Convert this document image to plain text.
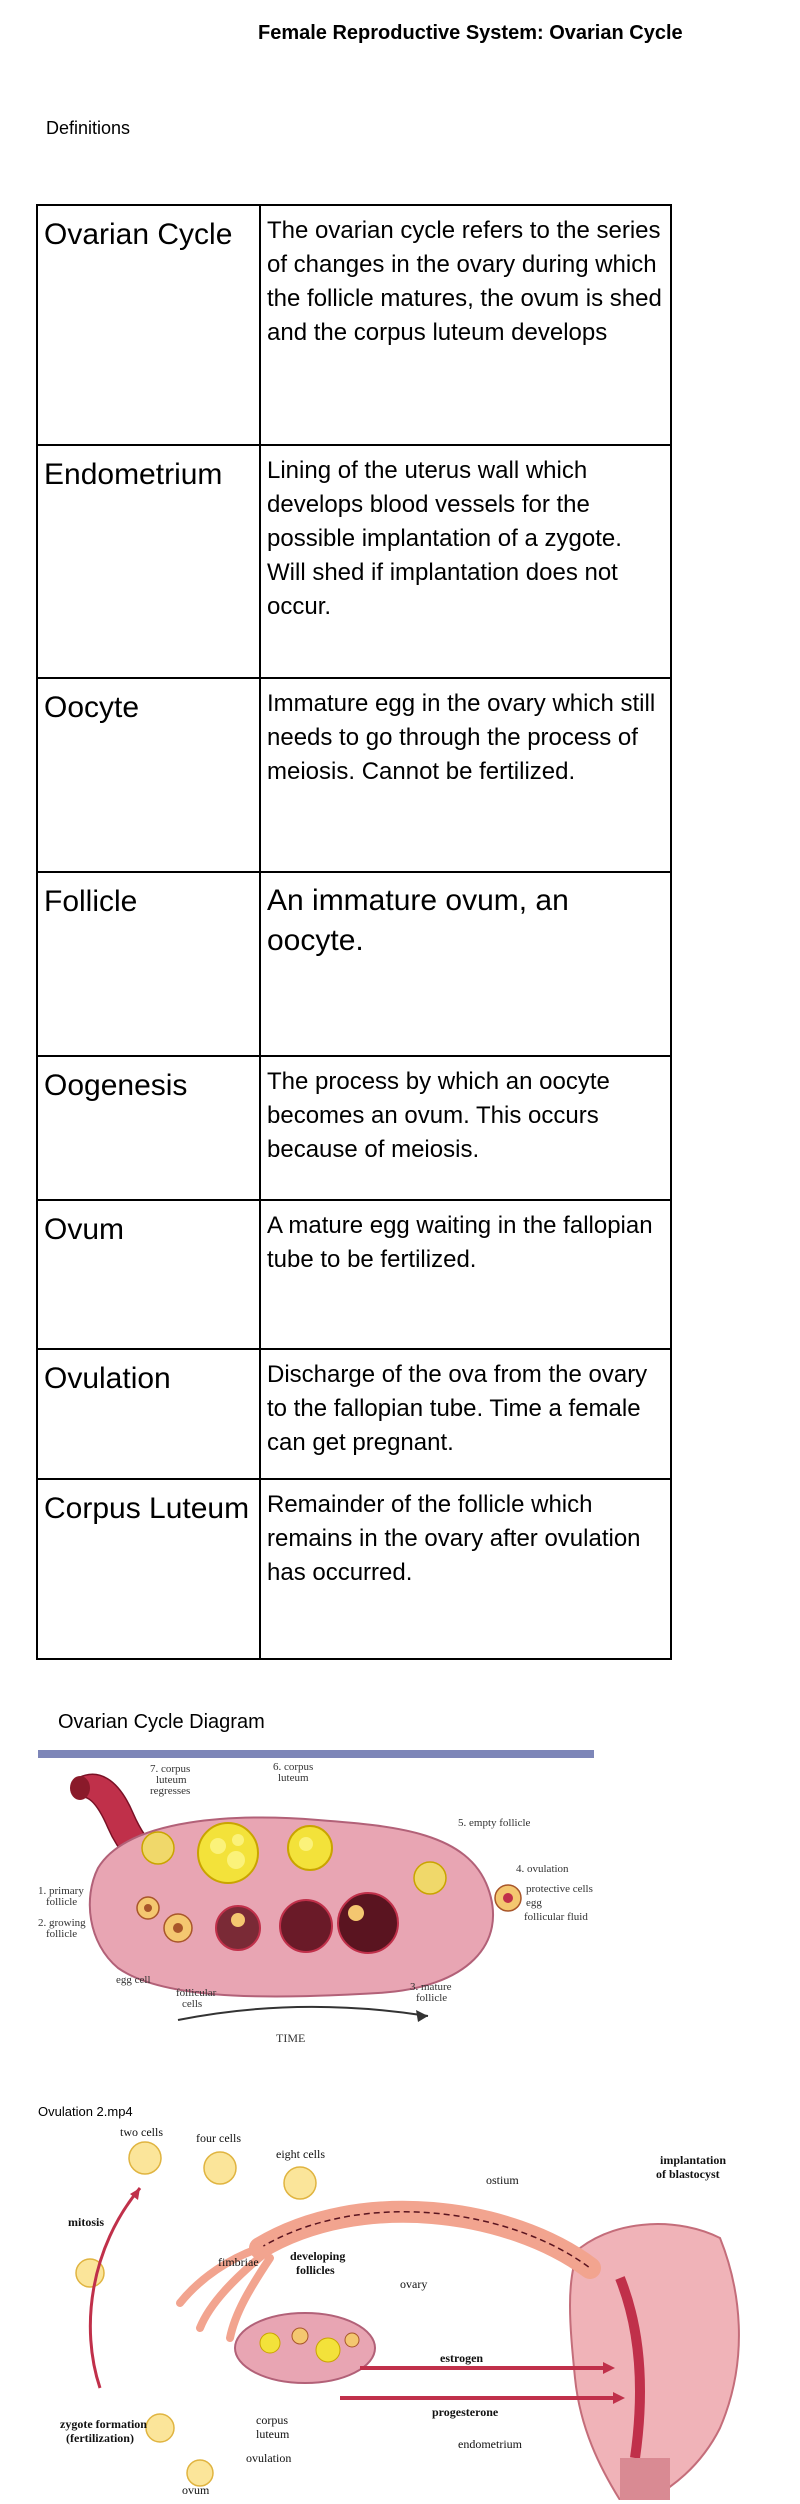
Female Reproductive System: Ovarian Cycle
Definitions
Ovarian Cycle	The ovarian cycle refers to the series of changes in the ovary during which the follicle matures, the ovum is shed and the corpus luteum develops
Endometrium	Lining of the uterus wall which develops blood vessels for the possible implantation of a zygote. Will shed if implantation does not occur.
Oocyte	Immature egg in the ovary which still needs to go through the process of meiosis. Cannot be fertilized.
Follicle	An immature ovum, an oocyte.
Oogenesis	The process by which an oocyte becomes an ovum. This occurs because of meiosis.
Ovum	A mature egg waiting in the fallopian tube to be fertilized.
Ovulation	Discharge of the ova from the ovary to the fallopian tube. Time a female can get pregnant.
Corpus Luteum	Remainder of the follicle which remains in the ovary after ovulation has occurred.
Ovarian Cycle Diagram
7. corpus
luteum
regresses
6. corpus
luteum
5. empty follicle
4. ovulation
protective cells
egg
follicular fluid
1. primary
follicle
2. growing
follicle
egg cell
follicular
cells
3. mature
follicle
TIME
Ovulation 2.mp4
two cells	four cells
eight cells	implantation
of blastocyst
mitosis
ostium
fimbriae	developing
follicles
ovary
estrogen
progesterone
zygote formation
(fertilization)
corpus
luteum
endometrium
ovulation
ovum
